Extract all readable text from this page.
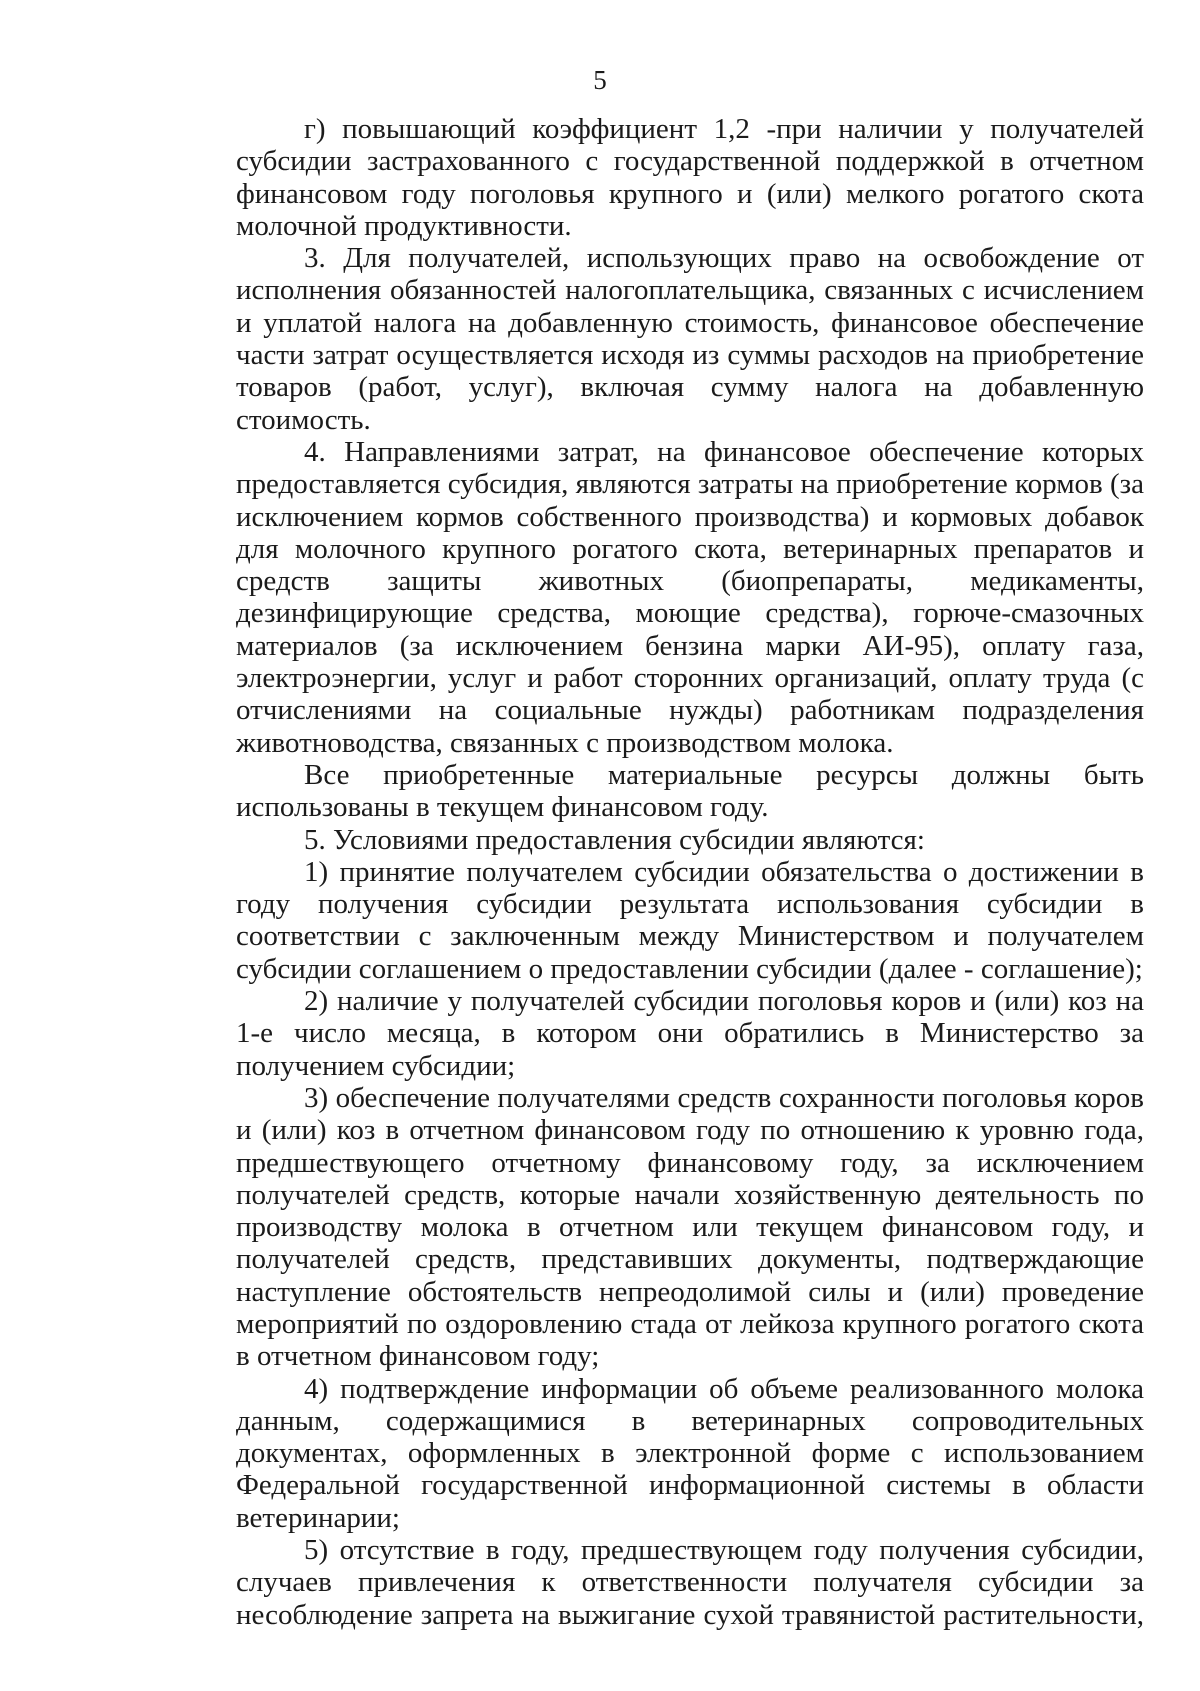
5

г) повышающий коэффициент 1,2 -при наличии у получателей субсидии застрахованного с государственной поддержкой в отчетном финансовом году поголовья крупного и (или) мелкого рогатого скота молочной продуктивности.

3. Для получателей, использующих право на освобождение от исполнения обязанностей налогоплательщика, связанных с исчислением и уплатой налога на добавленную стоимость, финансовое обеспечение части затрат осуществляется исходя из суммы расходов на приобретение товаров (работ, услуг), включая сумму налога на добавленную стоимость.

4. Направлениями затрат, на финансовое обеспечение которых предоставляется субсидия, являются затраты на приобретение кормов (за исключением кормов собственного производства) и кормовых добавок для молочного крупного рогатого скота, ветеринарных препаратов и средств защиты животных (биопрепараты, медикаменты, дезинфицирующие средства, моющие средства), горюче-смазочных материалов (за исключением бензина марки АИ-95), оплату газа, электроэнергии, услуг и работ сторонних организаций, оплату труда (с отчислениями на социальные нужды) работникам подразделения животноводства, связанных с производством молока.

Все приобретенные материальные ресурсы должны быть использованы в текущем финансовом году.

5. Условиями предоставления субсидии являются:

1) принятие получателем субсидии обязательства о достижении в году получения субсидии результата использования субсидии в соответствии с заключенным между Министерством и получателем субсидии соглашением о предоставлении субсидии (далее - соглашение);

2) наличие у получателей субсидии поголовья коров и (или) коз на 1-е число месяца, в котором они обратились в Министерство за получением субсидии;

3) обеспечение получателями средств сохранности поголовья коров и (или) коз в отчетном финансовом году по отношению к уровню года, предшествующего отчетному финансовому году, за исключением получателей средств, которые начали хозяйственную деятельность по производству молока в отчетном или текущем финансовом году, и получателей средств, представивших документы, подтверждающие наступление обстоятельств непреодолимой силы и (или) проведение мероприятий по оздоровлению стада от лейкоза крупного рогатого скота в отчетном финансовом году;

4) подтверждение информации об объеме реализованного молока данным, содержащимися в ветеринарных сопроводительных документах, оформленных в электронной форме с использованием Федеральной государственной информационной системы в области ветеринарии;

5) отсутствие в году, предшествующем году получения субсидии, случаев привлечения к ответственности получателя субсидии за несоблюдение запрета на выжигание сухой травянистой растительности,
